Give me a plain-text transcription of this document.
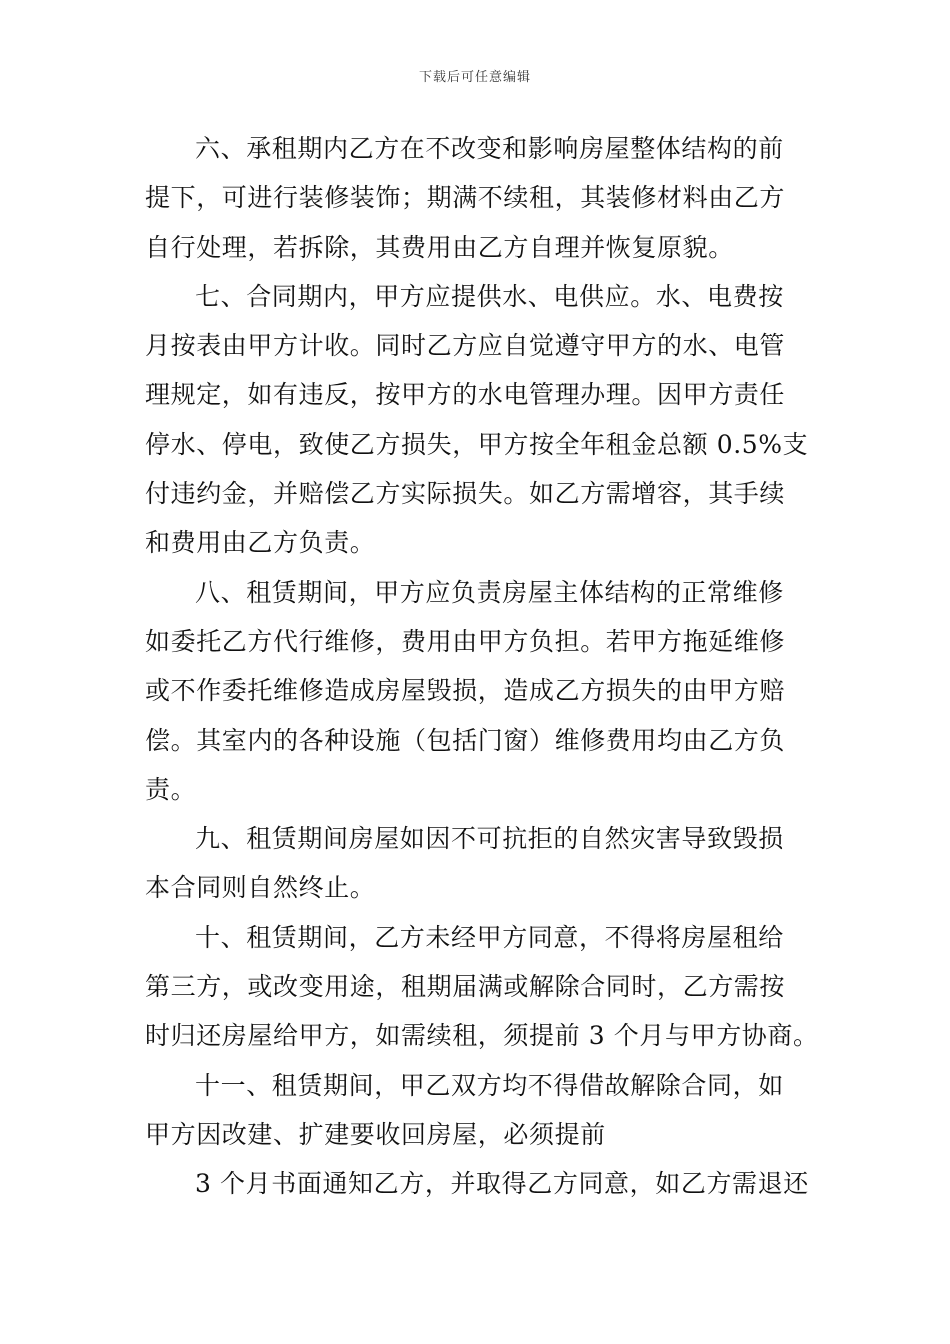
下载后可任意编辑

六、承租期内乙方在不改变和影响房屋整体结构的前
提下，可进行装修装饰；期满不续租，其装修材料由乙方
自行处理，若拆除，其费用由乙方自理并恢复原貌。

七、合同期内，甲方应提供水、电供应。水、电费按
月按表由甲方计收。同时乙方应自觉遵守甲方的水、电管
理规定，如有违反，按甲方的水电管理办理。因甲方责任
停水、停电，致使乙方损失，甲方按全年租金总额 0.5%支
付违约金，并赔偿乙方实际损失。如乙方需增容，其手续
和费用由乙方负责。

八、租赁期间，甲方应负责房屋主体结构的正常维修
如委托乙方代行维修，费用由甲方负担。若甲方拖延维修
或不作委托维修造成房屋毁损，造成乙方损失的由甲方赔
偿。其室内的各种设施（包括门窗）维修费用均由乙方负
责。

九、租赁期间房屋如因不可抗拒的自然灾害导致毁损
本合同则自然终止。

十、租赁期间，乙方未经甲方同意，不得将房屋租给
第三方，或改变用途，租期届满或解除合同时，乙方需按
时归还房屋给甲方，如需续租，须提前 3 个月与甲方协商。

十一、租赁期间，甲乙双方均不得借故解除合同，如
甲方因改建、扩建要收回房屋，必须提前

3 个月书面通知乙方，并取得乙方同意，如乙方需退还
